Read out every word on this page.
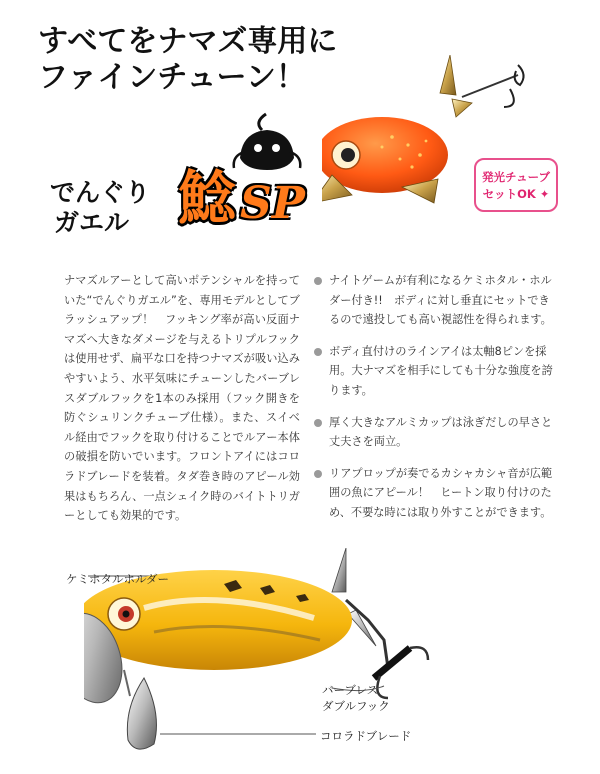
すべてをナマズ専用に
ファインチューン！
でんぐり
ガエル 鯰 SP
発光チューブ
セットOK ✦
ナマズルアーとして高いポテンシャルを持っていた“でんぐりガエル”を、専用モデルとしてブラッシュアップ！　フッキング率が高い反面ナマズへ大きなダメージを与えるトリプルフックは使用せず、扁平な口を持つナマズが吸い込みやすいよう、水平気味にチューンしたバーブレスダブルフックを1本のみ採用（フック開きを防ぐシュリンクチューブ仕様）。また、スイベル経由でフックを取り付けることでルアー本体の破損を防いでいます。フロントアイにはコロラドブレードを装着。タダ巻き時のアピール効果はもちろん、一点シェイク時のバイトトリガーとしても効果的です。
ナイトゲームが有利になるケミホタル・ホルダー付き!!　ボディに対し垂直にセットできるので遠投しても高い視認性を得られます。
ボディ直付けのラインアイは太軸8ピンを採用。大ナマズを相手にしても十分な強度を誇ります。
厚く大きなアルミカップは泳ぎだしの早さと丈夫さを両立。
リアプロップが奏でるカシャカシャ音が広範囲の魚にアピール！　ヒートン取り付けのため、不要な時には取り外すことができます。
ケミホタルホルダー
バーブレス
ダブルフック
コロラドブレード
